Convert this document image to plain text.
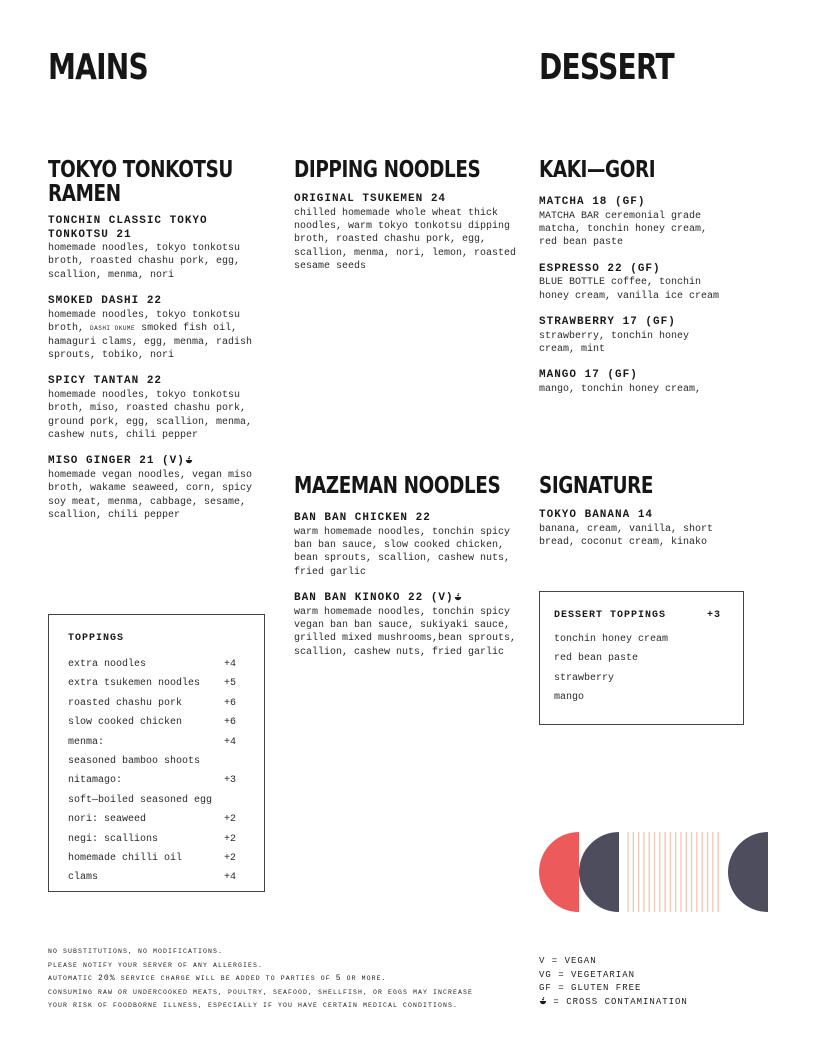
MAINS	DESSERT
TOKYO TONKOTSU
RAMEN
TONCHIN CLASSIC TOKYO TONKOTSU 21
homemade noodles, tokyo tonkotsu broth, roasted chashu pork, egg, scallion, menma, nori
SMOKED DASHI 22
homemade noodles, tokyo tonkotsu broth, DASHI OKUME smoked fish oil, hamaguri clams, egg, menma, radish sprouts, tobiko, nori
SPICY TANTAN 22
homemade noodles, tokyo tonkotsu broth, miso, roasted chashu pork, ground pork, egg, scallion, menma, cashew nuts, chili pepper
MISO GINGER 21 (V)
homemade vegan noodles, vegan miso broth, wakame seaweed, corn, spicy soy meat, menma, cabbage, sesame, scallion, chili pepper
DIPPING NOODLES
ORIGINAL TSUKEMEN 24
chilled homemade whole wheat thick noodles, warm tokyo tonkotsu dipping broth, roasted chashu pork, egg, scallion, menma, nori, lemon, roasted sesame seeds
MAZEMAN NOODLES
BAN BAN CHICKEN 22
warm homemade noodles, tonchin spicy ban ban sauce, slow cooked chicken, bean sprouts, scallion, cashew nuts, fried garlic
BAN BAN KINOKO 22 (V)
warm homemade noodles, tonchin spicy vegan ban ban sauce, sukiyaki sauce, grilled mixed mushrooms,bean sprouts, scallion, cashew nuts, fried garlic
KAKI—GORI
MATCHA 18 (GF)
MATCHA BAR ceremonial grade matcha, tonchin honey cream, red bean paste
ESPRESSO 22 (GF)
BLUE BOTTLE coffee, tonchin honey cream, vanilla ice cream
STRAWBERRY 17 (GF)
strawberry, tonchin honey cream, mint
MANGO 17 (GF)
mango, tonchin honey cream,
SIGNATURE
TOKYO BANANA 14
banana, cream, vanilla, short bread, coconut cream, kinako
TOPPINGS
extra noodles	+4
extra tsukemen noodles +5
roasted chashu pork	+6
slow cooked chicken	+6
menma:	+4
seasoned bamboo shoots
nitamago:	+3
soft—boiled seasoned egg
nori: seaweed	+2
negi: scallions	+2
homemade chilli oil	+2
clams	+4
DESSERT TOPPINGS	+3
tonchin honey cream
red bean paste
strawberry
mango
NO SUBSTITUTIONS, NO MODIFICATIONS.
PLEASE NOTIFY YOUR SERVER OF ANY ALLERGIES.
AUTOMATIC 20% SERVICE CHARGE WILL BE ADDED TO PARTIES OF 5 OR MORE.
CONSUMING RAW OR UNDERCOOKED MEATS, POULTRY, SEAFOOD, SHELLFISH, OR EGGS MAY INCREASE
YOUR RISK OF FOODBORNE ILLNESS, ESPECIALLY IF YOU HAVE CERTAIN MEDICAL CONDITIONS.
V = VEGAN
VG = VEGETARIAN
GF = GLUTEN FREE
= CROSS CONTAMINATION
